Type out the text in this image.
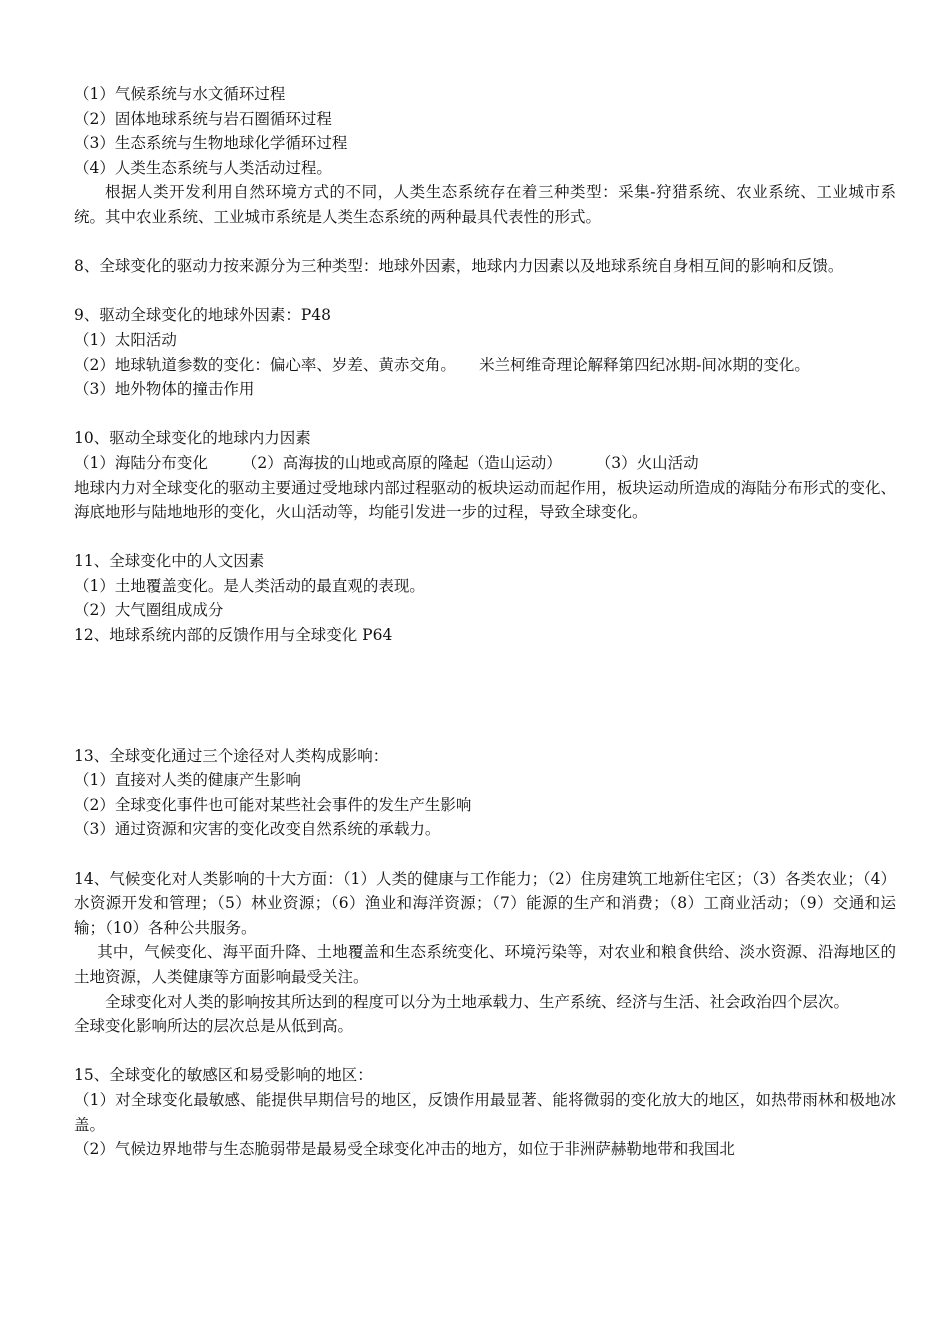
（1）气候系统与水文循环过程

（2）固体地球系统与岩石圈循环过程

（3）生态系统与生物地球化学循环过程

（4）人类生态系统与人类活动过程。

根据人类开发利用自然环境方式的不同，人类生态系统存在着三种类型：采集-狩猎系统、农业系统、工业城市系统。其中农业系统、工业城市系统是人类生态系统的两种最具代表性的形式。

8、全球变化的驱动力按来源分为三种类型：地球外因素，地球内力因素以及地球系统自身相互间的影响和反馈。

9、驱动全球变化的地球外因素：P48

（1）太阳活动

（2）地球轨道参数的变化：偏心率、岁差、黄赤交角。　　米兰柯维奇理论解释第四纪冰期-间冰期的变化。

（3）地外物体的撞击作用

10、驱动全球变化的地球内力因素

（1）海陆分布变化 （2）高海拔的山地或高原的隆起（造山运动） （3）火山活动

地球内力对全球变化的驱动主要通过受地球内部过程驱动的板块运动而起作用，板块运动所造成的海陆分布形式的变化、海底地形与陆地地形的变化，火山活动等，均能引发进一步的过程，导致全球变化。

11、全球变化中的人文因素

（1）土地覆盖变化。是人类活动的最直观的表现。

（2）大气圈组成成分

12、地球系统内部的反馈作用与全球变化 P64

13、全球变化通过三个途径对人类构成影响：

（1）直接对人类的健康产生影响

（2）全球变化事件也可能对某些社会事件的发生产生影响

（3）通过资源和灾害的变化改变自然系统的承载力。

14、气候变化对人类影响的十大方面：（1）人类的健康与工作能力；（2）住房建筑工地新住宅区；（3）各类农业；（4）水资源开发和管理；（5）林业资源；（6）渔业和海洋资源；（7）能源的生产和消费；（8）工商业活动；（9）交通和运输；（10）各种公共服务。

其中，气候变化、海平面升降、土地覆盖和生态系统变化、环境污染等，对农业和粮食供给、淡水资源、沿海地区的土地资源，人类健康等方面影响最受关注。

全球变化对人类的影响按其所达到的程度可以分为土地承载力、生产系统、经济与生活、社会政治四个层次。

全球变化影响所达的层次总是从低到高。

15、全球变化的敏感区和易受影响的地区：

（1）对全球变化最敏感、能提供早期信号的地区，反馈作用最显著、能将微弱的变化放大的地区，如热带雨林和极地冰盖。

（2）气候边界地带与生态脆弱带是最易受全球变化冲击的地方，如位于非洲萨赫勒地带和我国北
